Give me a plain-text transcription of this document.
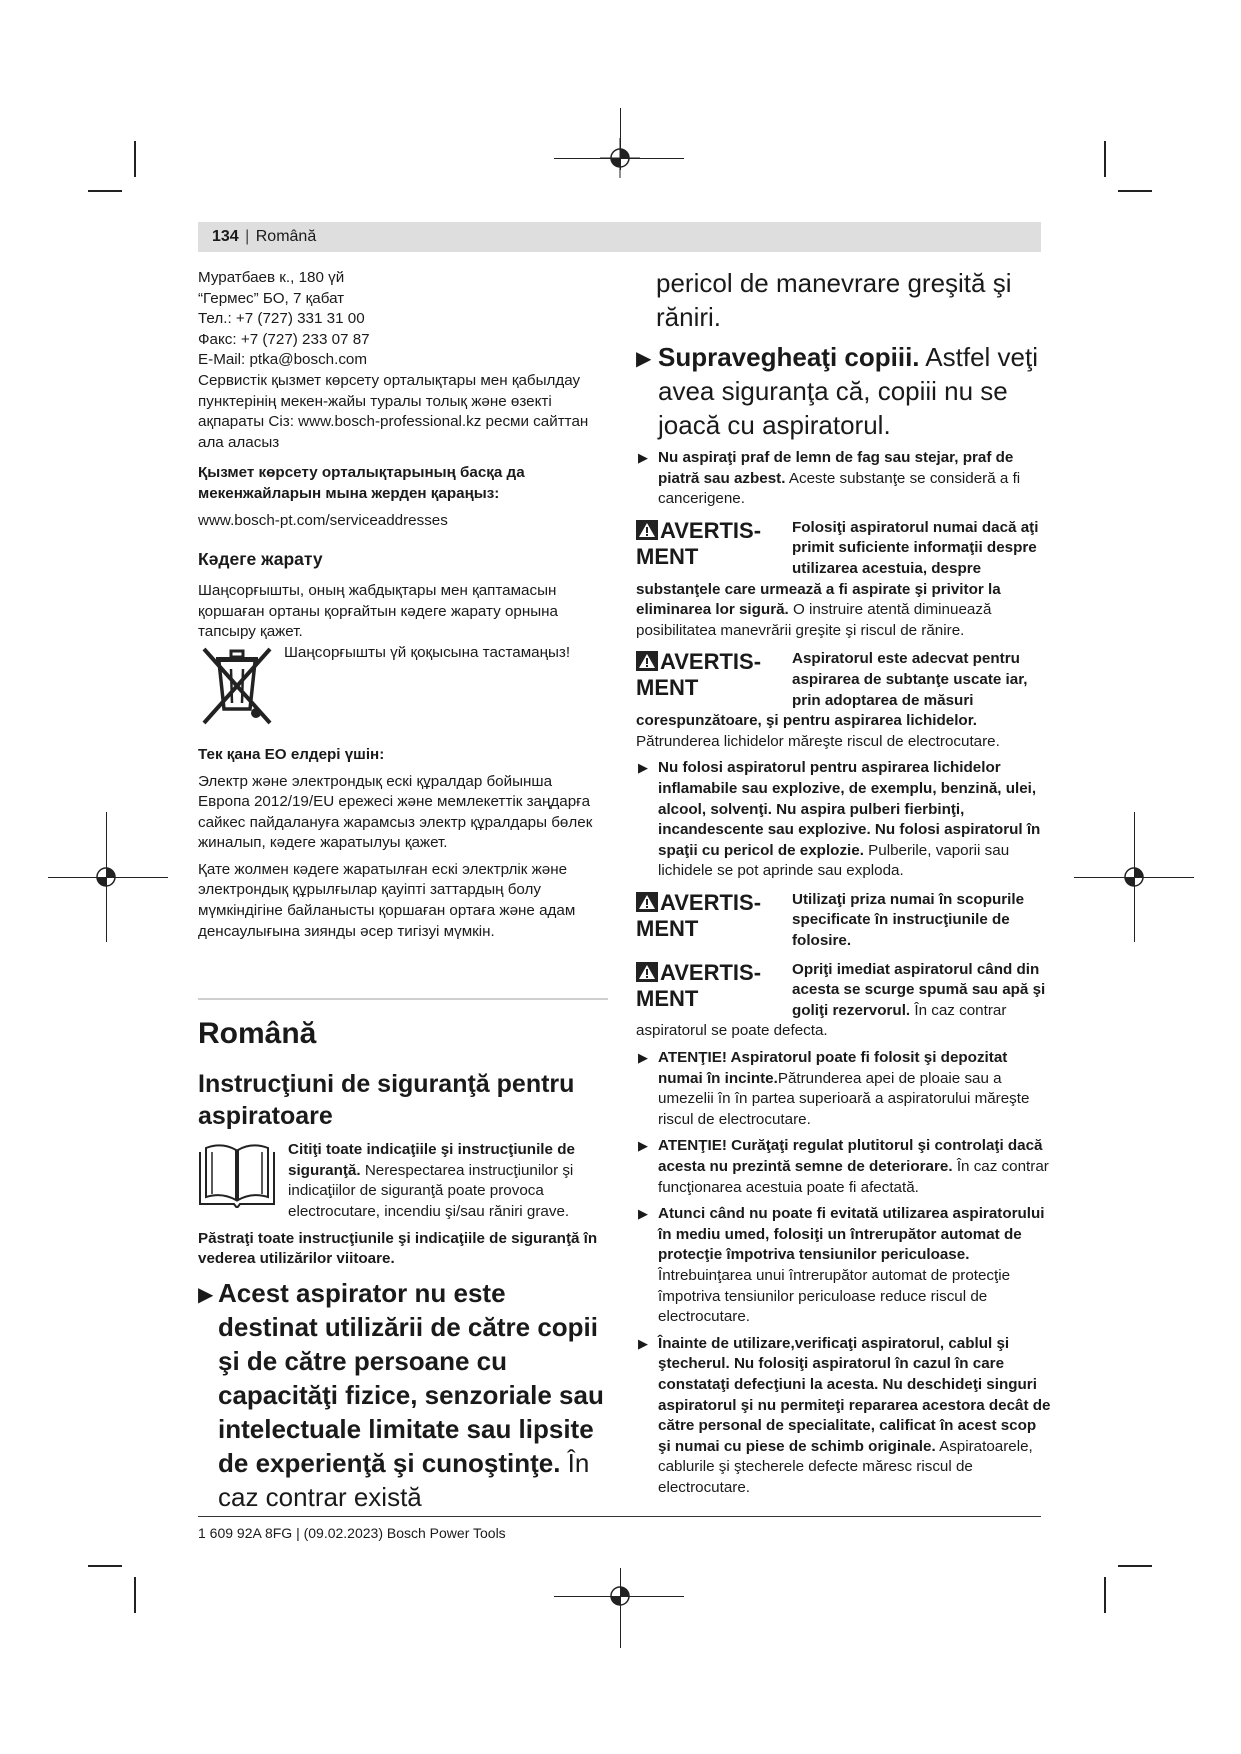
134 | Română

Муратбаев к., 180 үй

“Гермес” БО, 7 қабат

Тел.: +7 (727) 331 31 00

Факс: +7 (727) 233 07 87

E-Mail: ptka@bosch.com

Сервистік қызмет көрсету орталықтары мен қабылдау пунктерінің мекен-жайы туралы толық және өзекті ақпараты Сіз: www.bosch-professional.kz ресми сайттан ала аласыз

Қызмет көрсету орталықтарының басқа да мекенжайларын мына жерден қараңыз:

www.bosch-pt.com/serviceaddresses

Кәдеге жарату

Шаңсорғышты, оның жабдықтары мен қаптамасын қоршаған ортаны қорғайтын кәдеге жарату орнына тапсыру қажет.

Шаңсорғышты үй қоқысына тастамаңыз!

Тек қана ЕО елдері үшін:

Электр және электрондық ескі құралдар бойынша Европа 2012/19/EU ережесі және мемлекеттік заңдарға сайкес пайдалануға жарамсыз электр құралдары бөлек жиналып, кәдеге жаратылуы қажет.

Қате жолмен кәдеге жаратылған ескі электрлік және электрондық құрылғылар қауіпті заттардың болу мүмкіндігіне байланысты қоршаған ортаға және адам денсаулығына зиянды әсер тигізуі мүмкін.

Română

Instrucţiuni de siguranţă pentru aspiratoare

Citiţi toate indicaţiile şi instrucţiunile de siguranţă. Nerespectarea instrucţiunilor şi indicaţiilor de siguranţă poate provoca electrocutare, incendiu şi/sau răniri grave.

Păstraţi toate instrucţiunile şi indicaţiile de siguranţă în vederea utilizărilor viitoare.

▶ Acest aspirator nu este destinat utilizării de către copii şi de către persoane cu capacităţi fizice, senzoriale sau intelectuale limitate sau lipsite de experienţă şi cunoştinţe. În caz contrar există

pericol de manevrare greşită şi răniri.

▶ Supravegheaţi copiii. Astfel veţi avea siguranţa că, copiii nu se joacă cu aspiratorul.

▶ Nu aspiraţi praf de lemn de fag sau stejar, praf de piatră sau azbest. Aceste substanţe se consideră a fi cancerigene.

AVERTIS-MENT

Folosiţi aspiratorul numai dacă aţi primit suficiente informaţii despre utilizarea acestuia, despre substanţele care urmează a fi aspirate şi privitor la eliminarea lor sigură. O instruire atentă diminuează posibilitatea manevrării greşite şi riscul de rănire.

AVERTIS-MENT

Aspiratorul este adecvat pentru aspirarea de subtanţe uscate iar, prin adoptarea de măsuri corespunzătoare, şi pentru aspirarea lichidelor. Pătrunderea lichidelor măreşte riscul de electrocutare.

▶ Nu folosi aspiratorul pentru aspirarea lichidelor inflamabile sau explozive, de exemplu, benzină, ulei, alcool, solvenţi. Nu aspira pulberi fierbinţi, incandescente sau explozive. Nu folosi aspiratorul în spaţii cu pericol de explozie. Pulberile, vaporii sau lichidele se pot aprinde sau exploda.

AVERTIS-MENT

Utilizaţi priza numai în scopurile specificate în instrucţiunile de folosire.

AVERTIS-MENT

Opriţi imediat aspiratorul când din acesta se scurge spumă sau apă şi goliţi rezervorul. În caz contrar aspiratorul se poate defecta.

▶ ATENŢIE! Aspiratorul poate fi folosit şi depozitat numai în incinte.Pătrunderea apei de ploaie sau a umezelii în în partea superioară a aspiratorului măreşte riscul de electrocutare.

▶ ATENŢIE! Curăţaţi regulat plutitorul şi controlaţi dacă acesta nu prezintă semne de deteriorare. În caz contrar funcţionarea acestuia poate fi afectată.

▶ Atunci când nu poate fi evitată utilizarea aspiratorului în mediu umed, folosiţi un întrerupător automat de protecţie împotriva tensiunilor periculoase. Întrebuinţarea unui întrerupător automat de protecţie împotriva tensiunilor periculoase reduce riscul de electrocutare.

▶ Înainte de utilizare,verificaţi aspiratorul, cablul şi ştecherul. Nu folosiţi aspiratorul în cazul în care constataţi defecţiuni la acesta. Nu deschideţi singuri aspiratorul şi nu permiteţi repararea acestora decât de către personal de specialitate, calificat în acest scop şi numai cu piese de schimb originale. Aspiratoarele, cablurile şi ştecherele defecte măresc riscul de electrocutare.

1 609 92A 8FG | (09.02.2023) Bosch Power Tools
